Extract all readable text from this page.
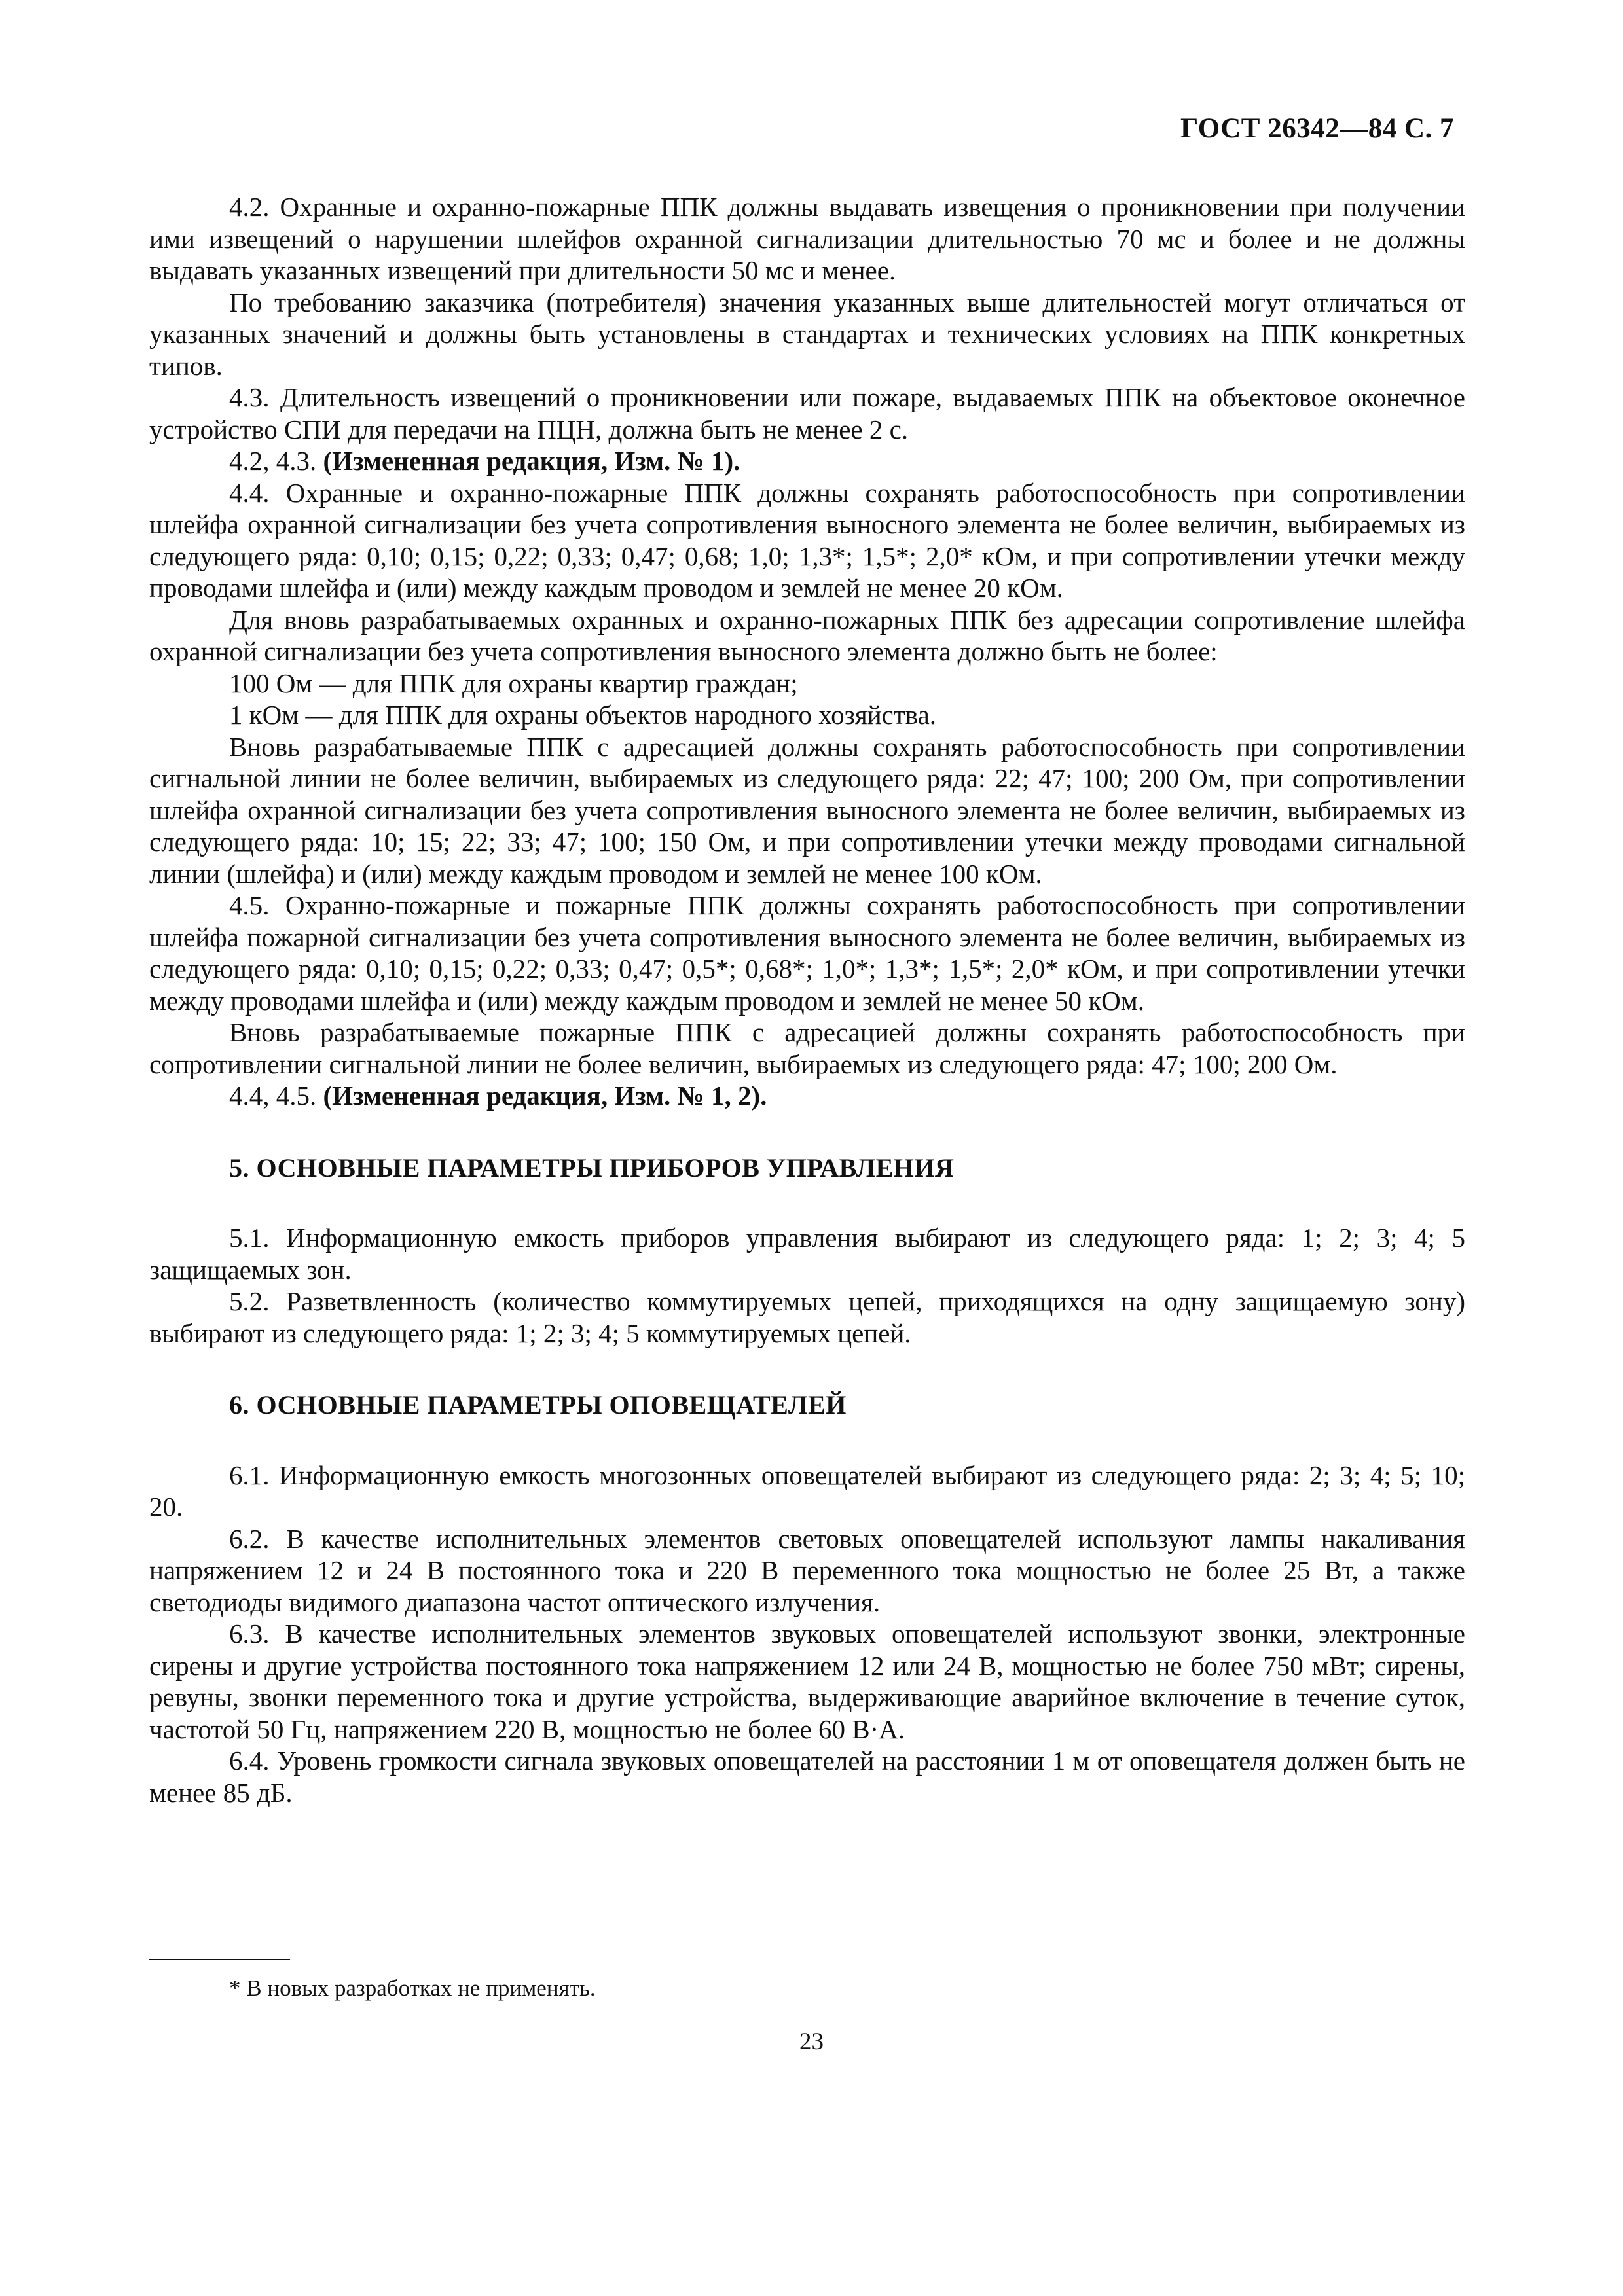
ГОСТ 26342—84 С. 7

4.2. Охранные и охранно-пожарные ППК должны выдавать извещения о проникновении при получении ими извещений о нарушении шлейфов охранной сигнализации длительностью 70 мс и более и не должны выдавать указанных извещений при длительности 50 мс и менее.

По требованию заказчика (потребителя) значения указанных выше длительностей могут отличаться от указанных значений и должны быть установлены в стандартах и технических условиях на ППК конкретных типов.

4.3. Длительность извещений о проникновении или пожаре, выдаваемых ППК на объектовое оконечное устройство СПИ для передачи на ПЦН, должна быть не менее 2 с.

4.2, 4.3. (Измененная редакция, Изм. № 1).

4.4. Охранные и охранно-пожарные ППК должны сохранять работоспособность при сопротивлении шлейфа охранной сигнализации без учета сопротивления выносного элемента не более величин, выбираемых из следующего ряда: 0,10; 0,15; 0,22; 0,33; 0,47; 0,68; 1,0; 1,3*; 1,5*; 2,0* кОм, и при сопротивлении утечки между проводами шлейфа и (или) между каждым проводом и землей не менее 20 кОм.

Для вновь разрабатываемых охранных и охранно-пожарных ППК без адресации сопротивление шлейфа охранной сигнализации без учета сопротивления выносного элемента должно быть не более:

100 Ом — для ППК для охраны квартир граждан;

1 кОм — для ППК для охраны объектов народного хозяйства.

Вновь разрабатываемые ППК с адресацией должны сохранять работоспособность при сопротивлении сигнальной линии не более величин, выбираемых из следующего ряда: 22; 47; 100; 200 Ом, при сопротивлении шлейфа охранной сигнализации без учета сопротивления выносного элемента не более величин, выбираемых из следующего ряда: 10; 15; 22; 33; 47; 100; 150 Ом, и при сопротивлении утечки между проводами сигнальной линии (шлейфа) и (или) между каждым проводом и землей не менее 100 кОм.

4.5. Охранно-пожарные и пожарные ППК должны сохранять работоспособность при сопротивлении шлейфа пожарной сигнализации без учета сопротивления выносного элемента не более величин, выбираемых из следующего ряда: 0,10; 0,15; 0,22; 0,33; 0,47; 0,5*; 0,68*; 1,0*; 1,3*; 1,5*; 2,0* кОм, и при сопротивлении утечки между проводами шлейфа и (или) между каждым проводом и землей не менее 50 кОм.

Вновь разрабатываемые пожарные ППК с адресацией должны сохранять работоспособность при сопротивлении сигнальной линии не более величин, выбираемых из следующего ряда: 47; 100; 200 Ом.

4.4, 4.5. (Измененная редакция, Изм. № 1, 2).

5. ОСНОВНЫЕ ПАРАМЕТРЫ ПРИБОРОВ УПРАВЛЕНИЯ

5.1. Информационную емкость приборов управления выбирают из следующего ряда: 1; 2; 3; 4; 5 защищаемых зон.

5.2. Разветвленность (количество коммутируемых цепей, приходящихся на одну защищаемую зону) выбирают из следующего ряда: 1; 2; 3; 4; 5 коммутируемых цепей.

6. ОСНОВНЫЕ ПАРАМЕТРЫ ОПОВЕЩАТЕЛЕЙ

6.1. Информационную емкость многозонных оповещателей выбирают из следующего ряда: 2; 3; 4; 5; 10; 20.

6.2. В качестве исполнительных элементов световых оповещателей используют лампы накаливания напряжением 12 и 24 В постоянного тока и 220 В переменного тока мощностью не более 25 Вт, а также светодиоды видимого диапазона частот оптического излучения.

6.3. В качестве исполнительных элементов звуковых оповещателей используют звонки, электронные сирены и другие устройства постоянного тока напряжением 12 или 24 В, мощностью не более 750 мВт; сирены, ревуны, звонки переменного тока и другие устройства, выдерживающие аварийное включение в течение суток, частотой 50 Гц, напряжением 220 В, мощностью не более 60 В·А.

6.4. Уровень громкости сигнала звуковых оповещателей на расстоянии 1 м от оповещателя должен быть не менее 85 дБ.

* В новых разработках не применять.
23
